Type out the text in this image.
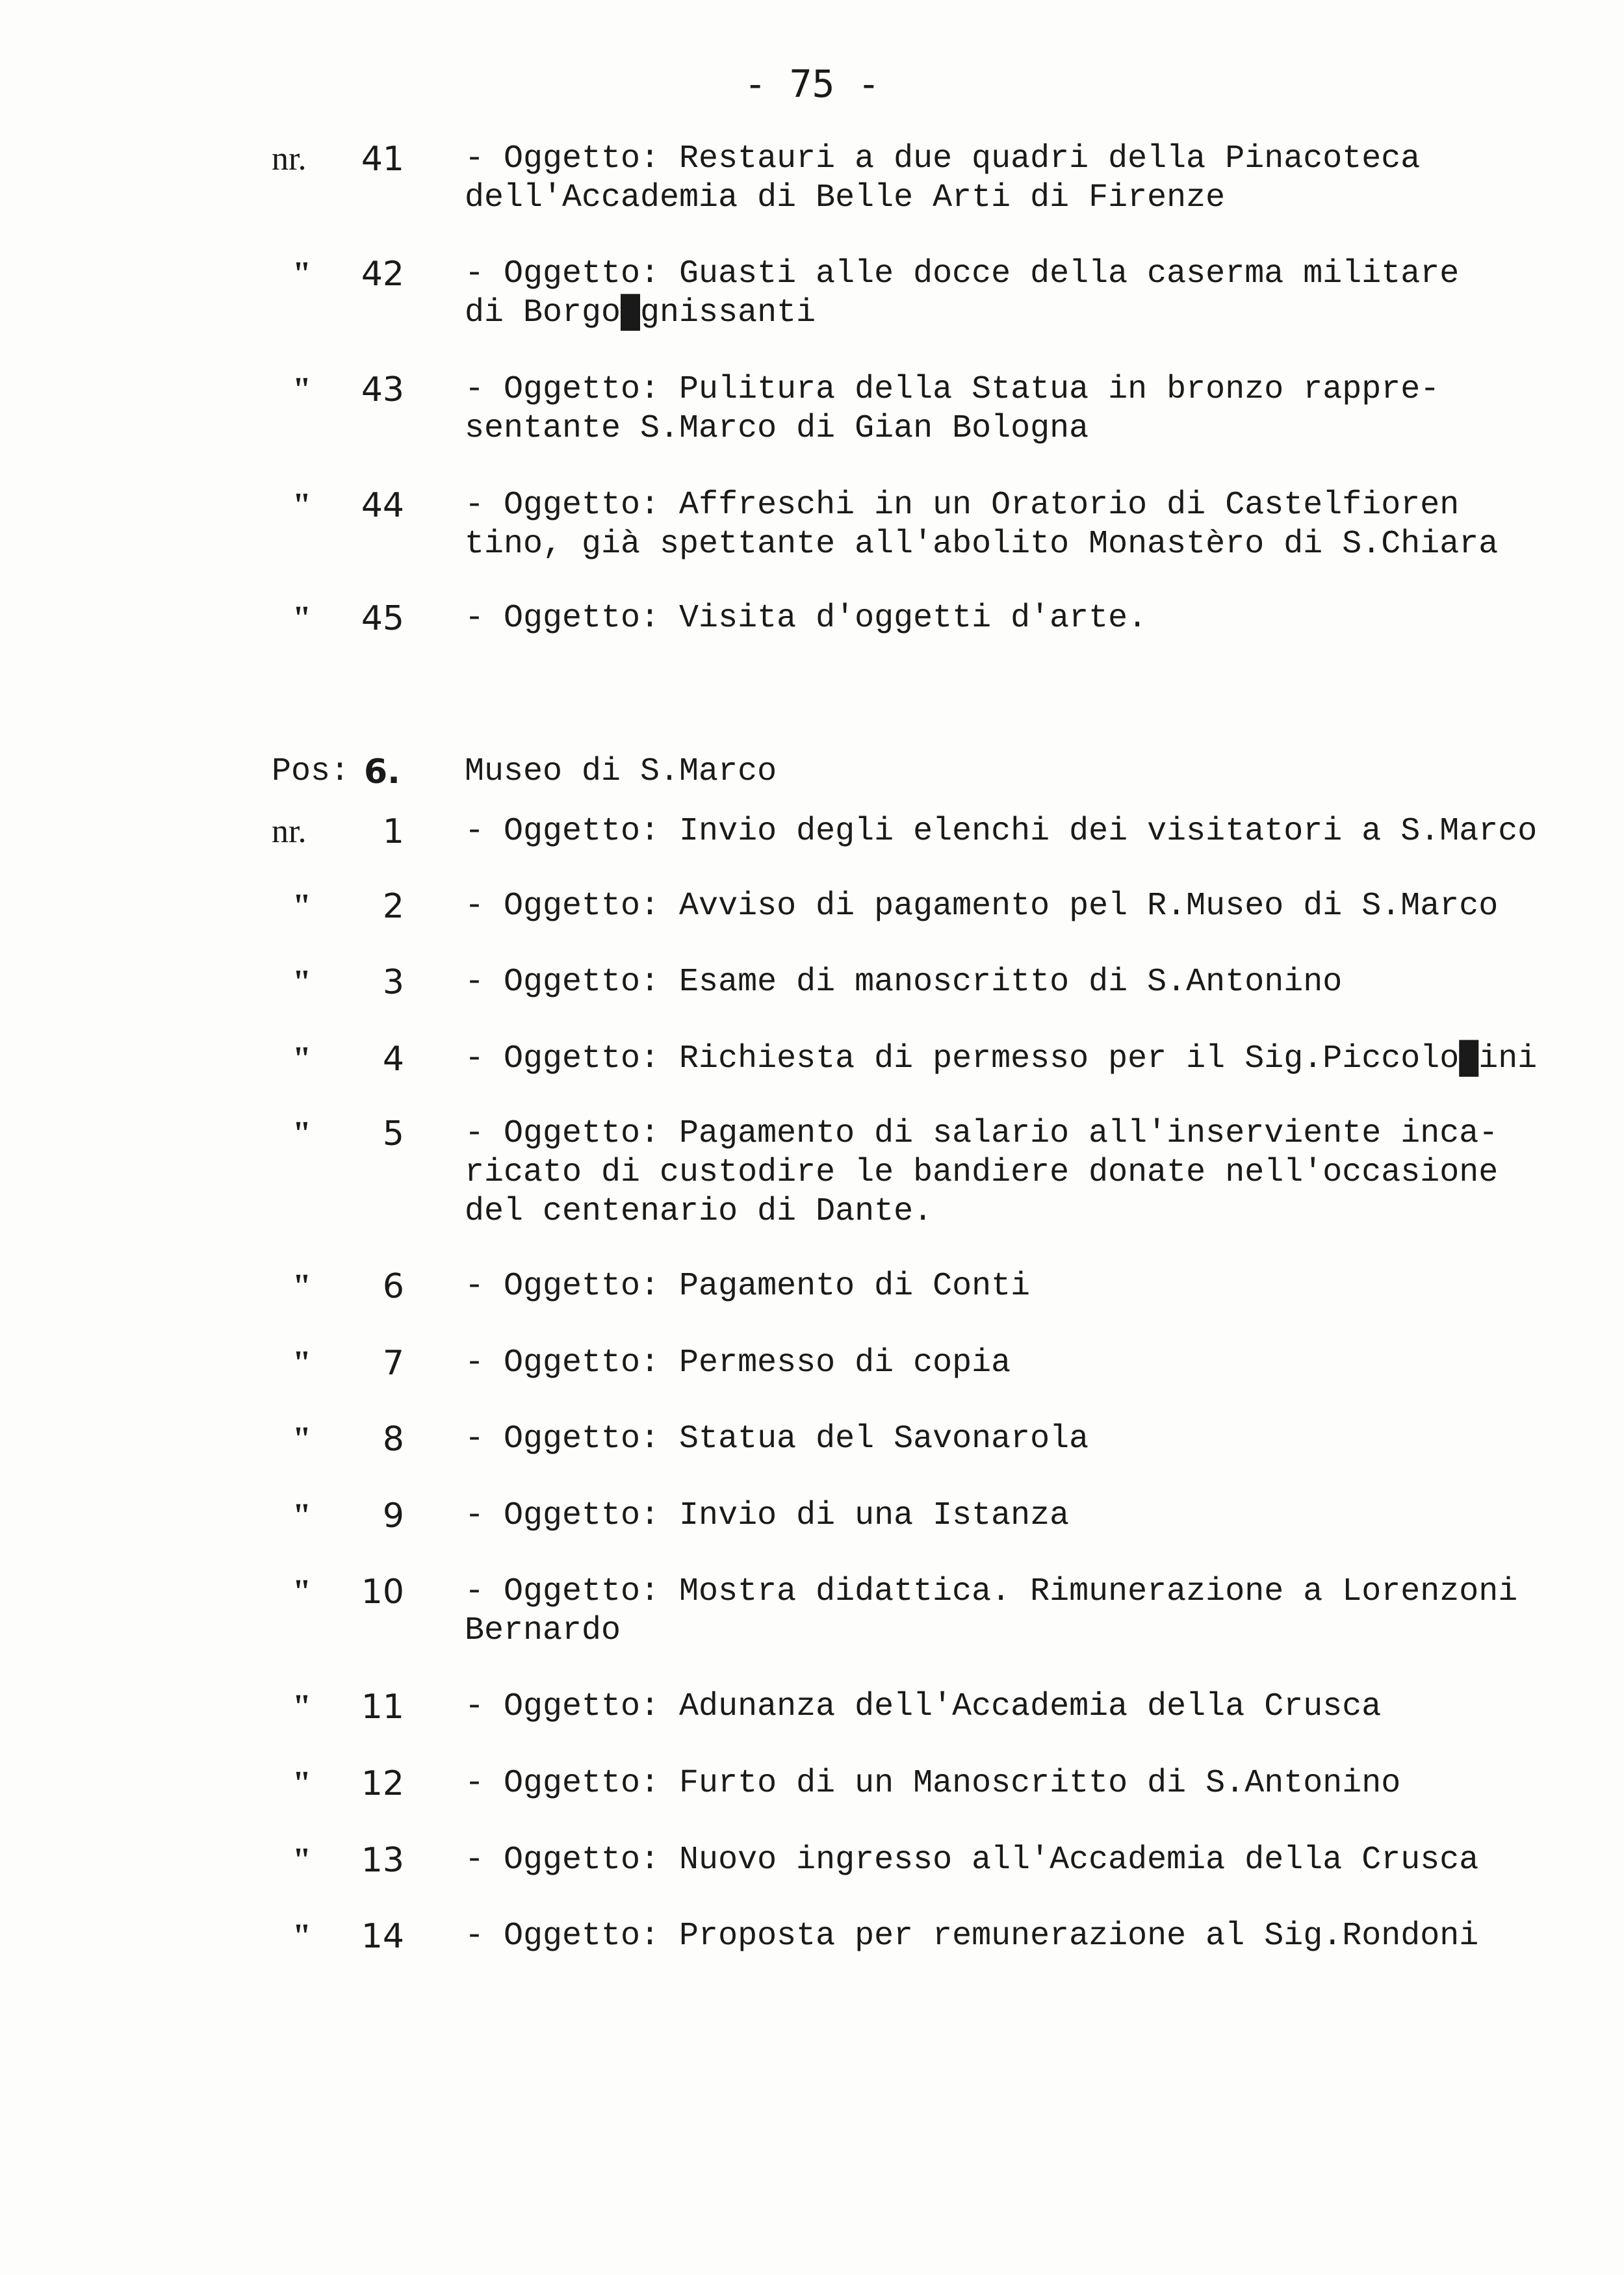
- 75 -
nr.	41 - Oggetto: Restauri a due quadri della Pinacoteca
dell'Accademia di Belle Arti di Firenze
"	42 - Oggetto: Guasti alle docce della caserma militare
di Borgo█gnissanti
"	43 - Oggetto: Pulitura della Statua in bronzo rappre-
sentante S.Marco di Gian Bologna
"	44 - Oggetto: Affreschi in un Oratorio di Castelfioren
tino, già spettante all'abolito Monastèro di S.Chiara
"	45 - Oggetto: Visita d'oggetti d'arte.
Pos: 6. Museo di S.Marco
nr.	1 - Oggetto: Invio degli elenchi dei visitatori a S.Marco
"	2 - Oggetto: Avviso di pagamento pel R.Museo di S.Marco
"	3 - Oggetto: Esame di manoscritto di S.Antonino
"	4 - Oggetto: Richiesta di permesso per il Sig.Piccolo█ini
"	5 - Oggetto: Pagamento di salario all'inserviente inca-
ricato di custodire le bandiere donate nell'occasione
del centenario di Dante.
"	6 - Oggetto: Pagamento di Conti
"	7 - Oggetto: Permesso di copia
"	8 - Oggetto: Statua del Savonarola
"	9 - Oggetto: Invio di una Istanza
"	10 - Oggetto: Mostra didattica. Rimunerazione a Lorenzoni
Bernardo
"	11 - Oggetto: Adunanza dell'Accademia della Crusca
"	12 - Oggetto: Furto di un Manoscritto di S.Antonino
"	13 - Oggetto: Nuovo ingresso all'Accademia della Crusca
"	14 - Oggetto: Proposta per remunerazione al Sig.Rondoni
